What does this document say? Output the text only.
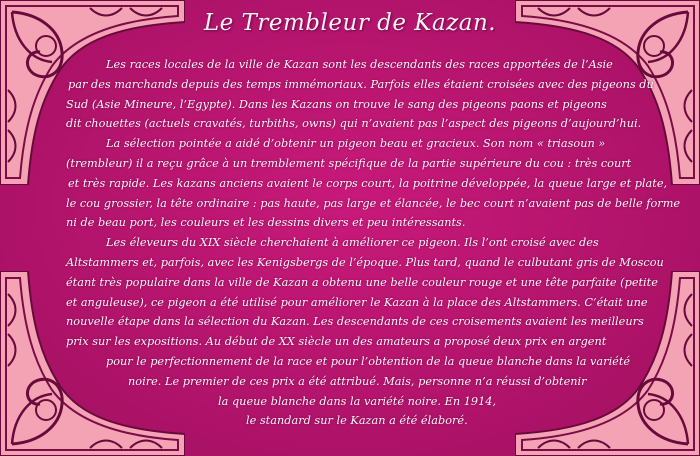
Le Trembleur de Kazan.
Les races locales de la ville de Kazan sont les descendants des races apportées de l’Asie
par des marchands depuis des temps immémoriaux. Parfois elles étaient croisées avec des pigeons du
Sud (Asie Mineure, l’Egypte). Dans les Kazans on trouve le sang des pigeons paons et pigeons
dit chouettes (actuels cravatés, turbiths, owns) qui n’avaient pas l’aspect des pigeons d’aujourd’hui.
La sélection pointée a aidé d’obtenir un pigeon beau et gracieux. Son nom « triasoun »
(trembleur) il a reçu grâce à un tremblement spécifique de la partie supérieure du cou : très court
et très rapide. Les kazans anciens avaient le corps court, la poitrine développée, la queue large et plate,
le cou grossier, la tête ordinaire : pas haute, pas large et élancée, le bec court n’avaient pas de belle forme
ni de beau port, les couleurs et les dessins divers et peu intéressants.
Les éleveurs du XIX siècle cherchaient à améliorer ce pigeon. Ils l’ont croisé avec des
Altstammers et, parfois, avec les Kenigsbergs de l’époque. Plus tard, quand le culbutant gris de Moscou
étant très populaire dans la ville de Kazan a obtenu une belle couleur rouge et une tête parfaite (petite
et anguleuse), ce pigeon a été utilisé pour améliorer le Kazan à la place des Altstammers. C’était une
nouvelle étape dans la sélection du Kazan. Les descendants de ces croisements avaient les meilleurs
prix sur les expositions. Au début de XX siècle un des amateurs a proposé deux prix en argent
pour le perfectionnement de la race et pour l’obtention de la queue blanche dans la variété
noire. Le premier de ces prix a été attribué. Mais, personne n’a réussi d’obtenir
la queue blanche dans la variété noire. En 1914,
le standard sur le Kazan a été élaboré.
